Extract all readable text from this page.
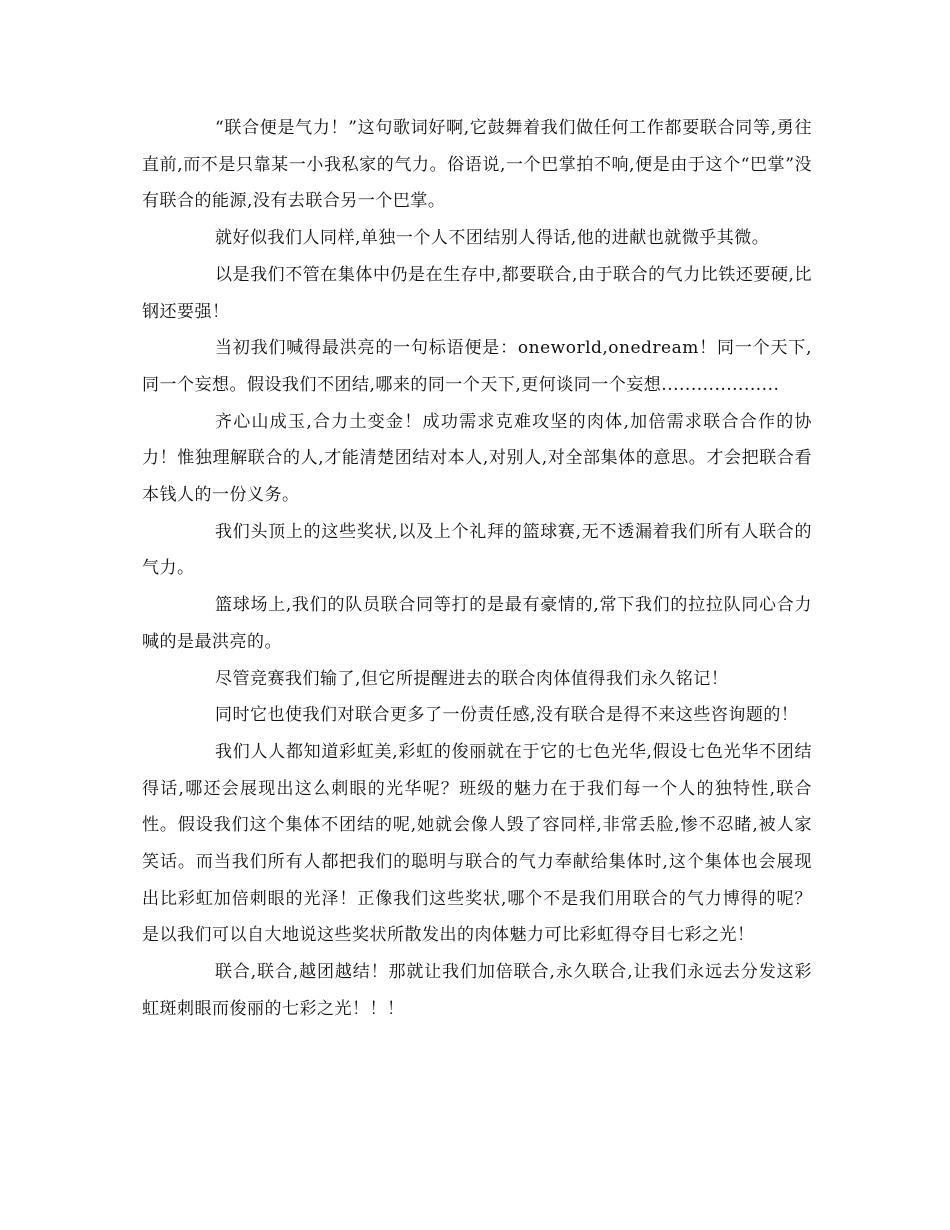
“联合便是气力！”这句歌词好啊,它鼓舞着我们做任何工作都要联合同等,勇往直前,而不是只靠某一小我私家的气力。俗语说,一个巴掌拍不响,便是由于这个“巴掌”没有联合的能源,没有去联合另一个巴掌。

就好似我们人同样,单独一个人不团结别人得话,他的进献也就微乎其微。

以是我们不管在集体中仍是在生存中,都要联合,由于联合的气力比铁还要硬,比钢还要强！

当初我们喊得最洪亮的一句标语便是：oneworld,onedream！同一个天下,同一个妄想。假设我们不团结,哪来的同一个天下,更何谈同一个妄想....................

齐心山成玉,合力土变金！成功需求克难攻坚的肉体,加倍需求联合合作的协力！惟独理解联合的人,才能清楚团结对本人,对别人,对全部集体的意思。才会把联合看本钱人的一份义务。

我们头顶上的这些奖状,以及上个礼拜的篮球赛,无不透漏着我们所有人联合的气力。

篮球场上,我们的队员联合同等打的是最有豪情的,常下我们的拉拉队同心合力喊的是最洪亮的。

尽管竞赛我们输了,但它所提醒进去的联合肉体值得我们永久铭记！

同时它也使我们对联合更多了一份责任感,没有联合是得不来这些咨询题的！

我们人人都知道彩虹美,彩虹的俊丽就在于它的七色光华,假设七色光华不团结得话,哪还会展现出这么刺眼的光华呢？班级的魅力在于我们每一个人的独特性,联合性。假设我们这个集体不团结的呢,她就会像人毁了容同样,非常丢脸,惨不忍睹,被人家笑话。而当我们所有人都把我们的聪明与联合的气力奉献给集体时,这个集体也会展现出比彩虹加倍刺眼的光泽！正像我们这些奖状,哪个不是我们用联合的气力博得的呢？是以我们可以自大地说这些奖状所散发出的肉体魅力可比彩虹得夺目七彩之光！

联合,联合,越团越结！那就让我们加倍联合,永久联合,让我们永远去分发这彩虹斑刺眼而俊丽的七彩之光！！！
